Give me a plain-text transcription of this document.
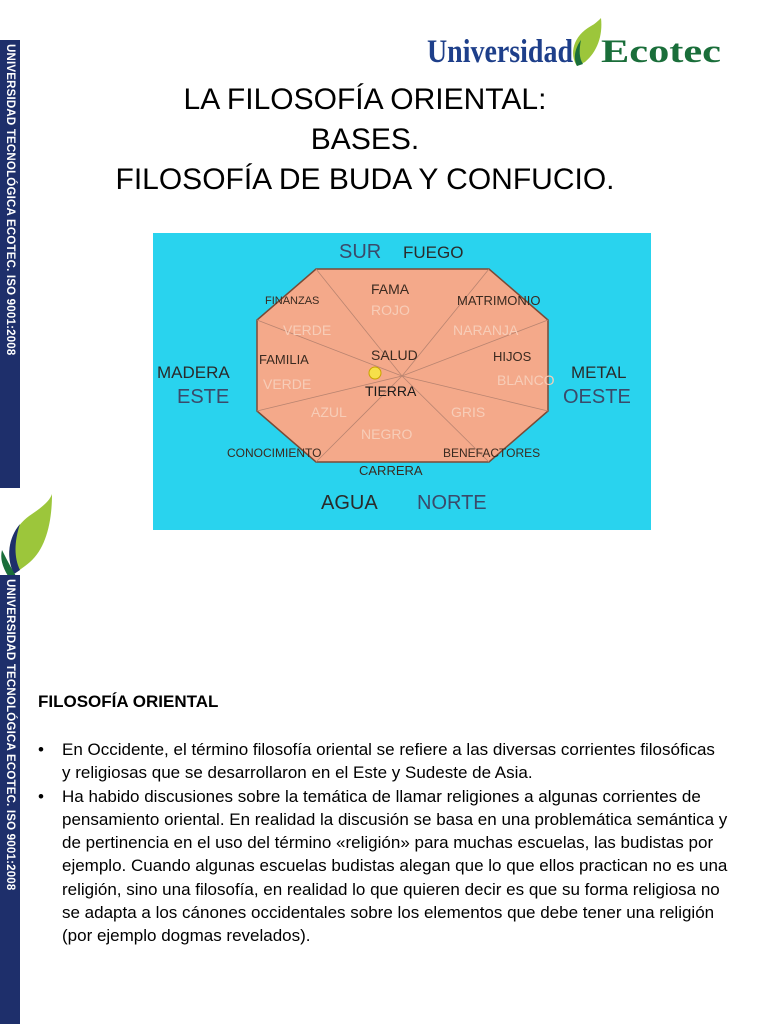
UNIVERSIDAD TECNOLÓGICA ECOTEC. ISO 9001:2008
UNIVERSIDAD TECNOLÓGICA ECOTEC. ISO 9001:2008
Universidad Ecotec
LA FILOSOFÍA ORIENTAL:
BASES.
FILOSOFÍA DE BUDA Y CONFUCIO.
SUR FUEGO
MADERA
ESTE
METAL
OESTE
AGUA NORTE
FAMA
FINANZAS	MATRIMONIO
FAMILIA	HIJOS
CONOCIMIENTO	BENEFACTORES
CARRERA
SALUD
TIERRA
ROJO
VERDE	NARANJA
VERDE	BLANCO
AZUL	GRIS
NEGRO
FILOSOFÍA ORIENTAL
• En Occidente, el término filosofía oriental se refiere a las diversas corrientes filosóficas y religiosas que se desarrollaron en el Este y Sudeste de Asia.
• Ha habido discusiones sobre la temática de llamar religiones a algunas corrientes de pensamiento oriental. En realidad la discusión se basa en una problemática semántica y de pertinencia en el uso del término «religión» para muchas escuelas, las budistas por ejemplo. Cuando algunas escuelas budistas alegan que lo que ellos practican no es una religión, sino una filosofía, en realidad lo que quieren decir es que su forma religiosa no se adapta a los cánones occidentales sobre los elementos que debe tener una religión (por ejemplo dogmas revelados).
